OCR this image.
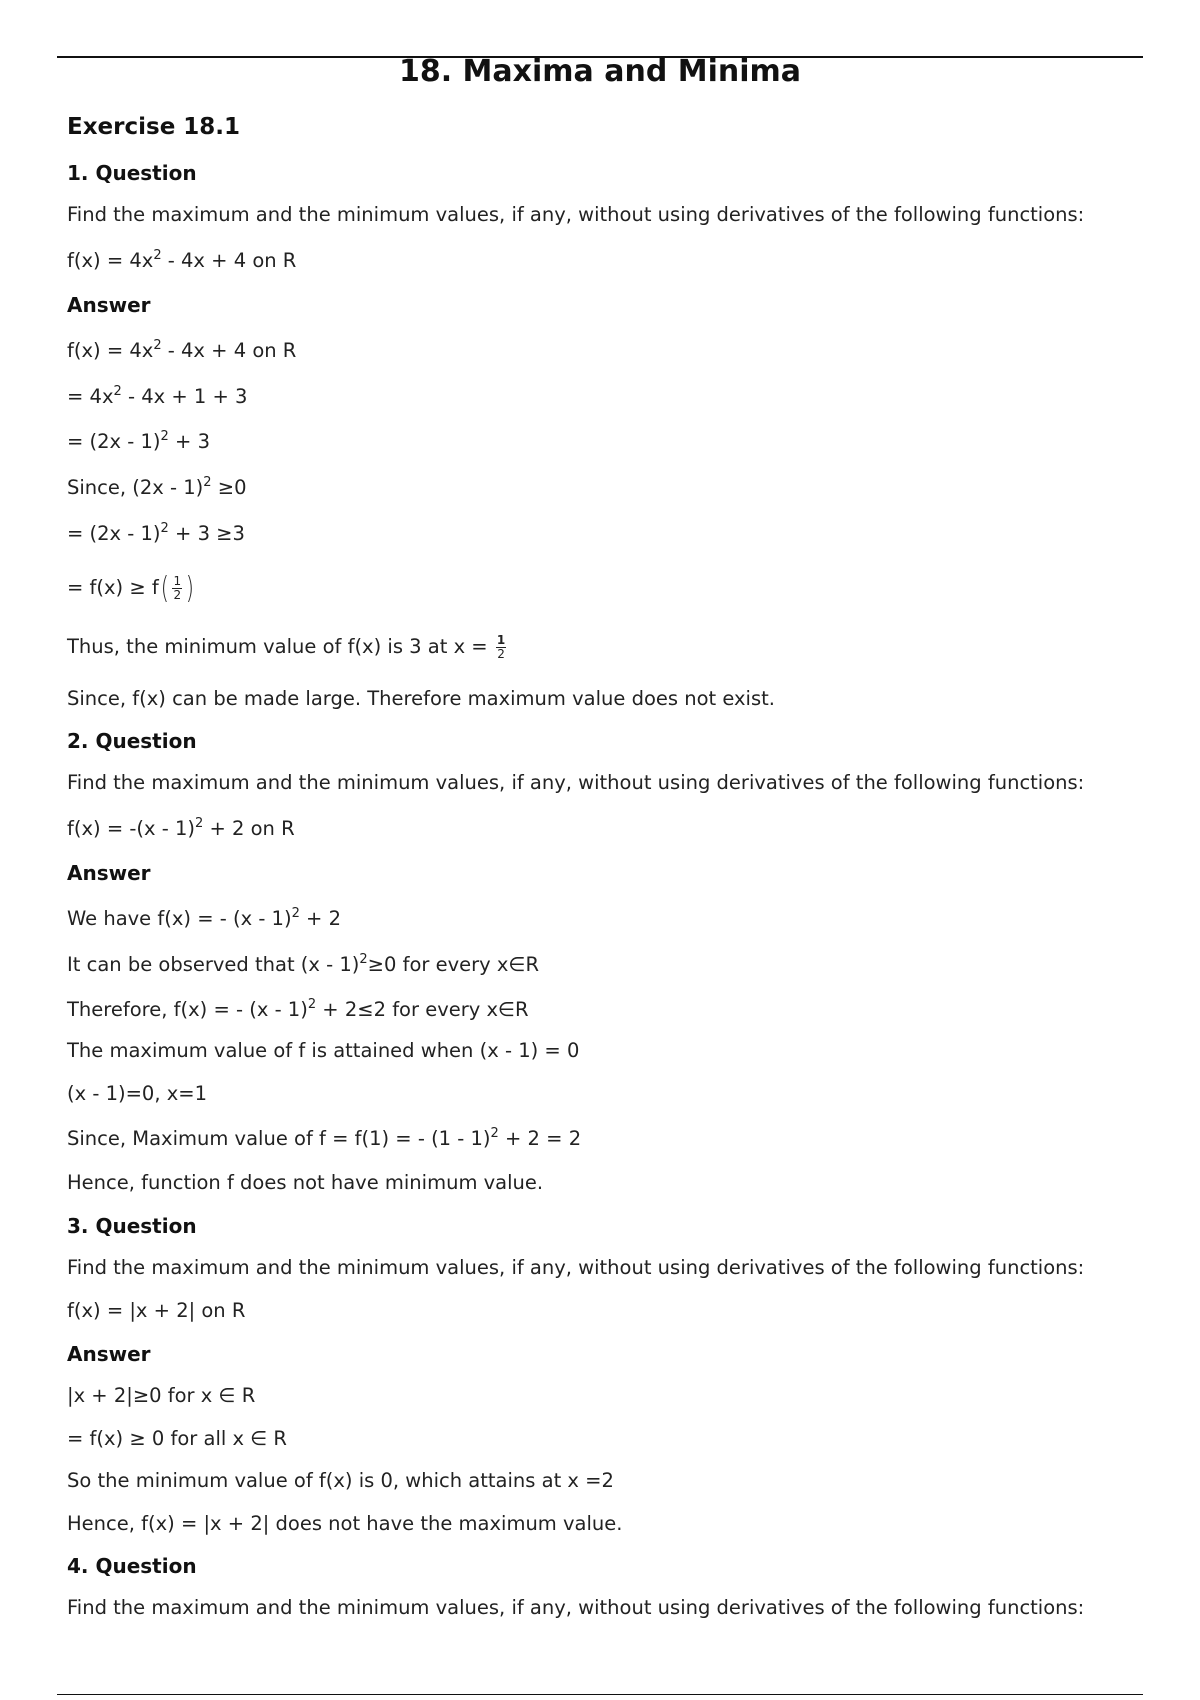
18. Maxima and Minima
Exercise 18.1
1. Question
Find the maximum and the minimum values, if any, without using derivatives of the following functions:
$f(x) = 4x^2 - 4x + 4$ on R
Answer
$f(x) = 4x^2 - 4x + 4$ on R
= $4x^2 - 4x + 1 + 3$
= (2x - 1)$^2$ + 3
Since, (2x - 1)$^2$ ≥0
= (2x - 1)$^2$ + 3 ≥3
= $f(x) \ge f( \frac{1}{2}$ )
Thus, the minimum value of f(x) is 3 at $x = \frac{1}{2}$
Since, f(x) can be made large. Therefore maximum value does not exist.
2. Question
Find the maximum and the minimum values, if any, without using derivatives of the following functions:
f(x) = -(x - 1)$^2$ + 2 on R
Answer
We have f(x) = - (x - 1)$^2$ + 2
It can be observed that (x - 1)$^2$≥0 for every x∈R
Therefore, f(x) = - (x - 1)$^2$ + 2≤2 for every x∈R
The maximum value of f is attained when (x - 1) = 0
(x - 1)=0, x=1
Since, Maximum value of f = f(1) = - (1 - 1)$^2$ + 2 = 2
Hence, function f does not have minimum value.
3. Question
Find the maximum and the minimum values, if any, without using derivatives of the following functions:
f(x) = |x + 2| on R
Answer
|x + 2|≥0 for x ∈ R
= f(x) ≥ 0 for all x ∈ R
So the minimum value of f(x) is 0, which attains at x =2
Hence, f(x) = |x + 2| does not have the maximum value.
4. Question
Find the maximum and the minimum values, if any, without using derivatives of the following functions:
